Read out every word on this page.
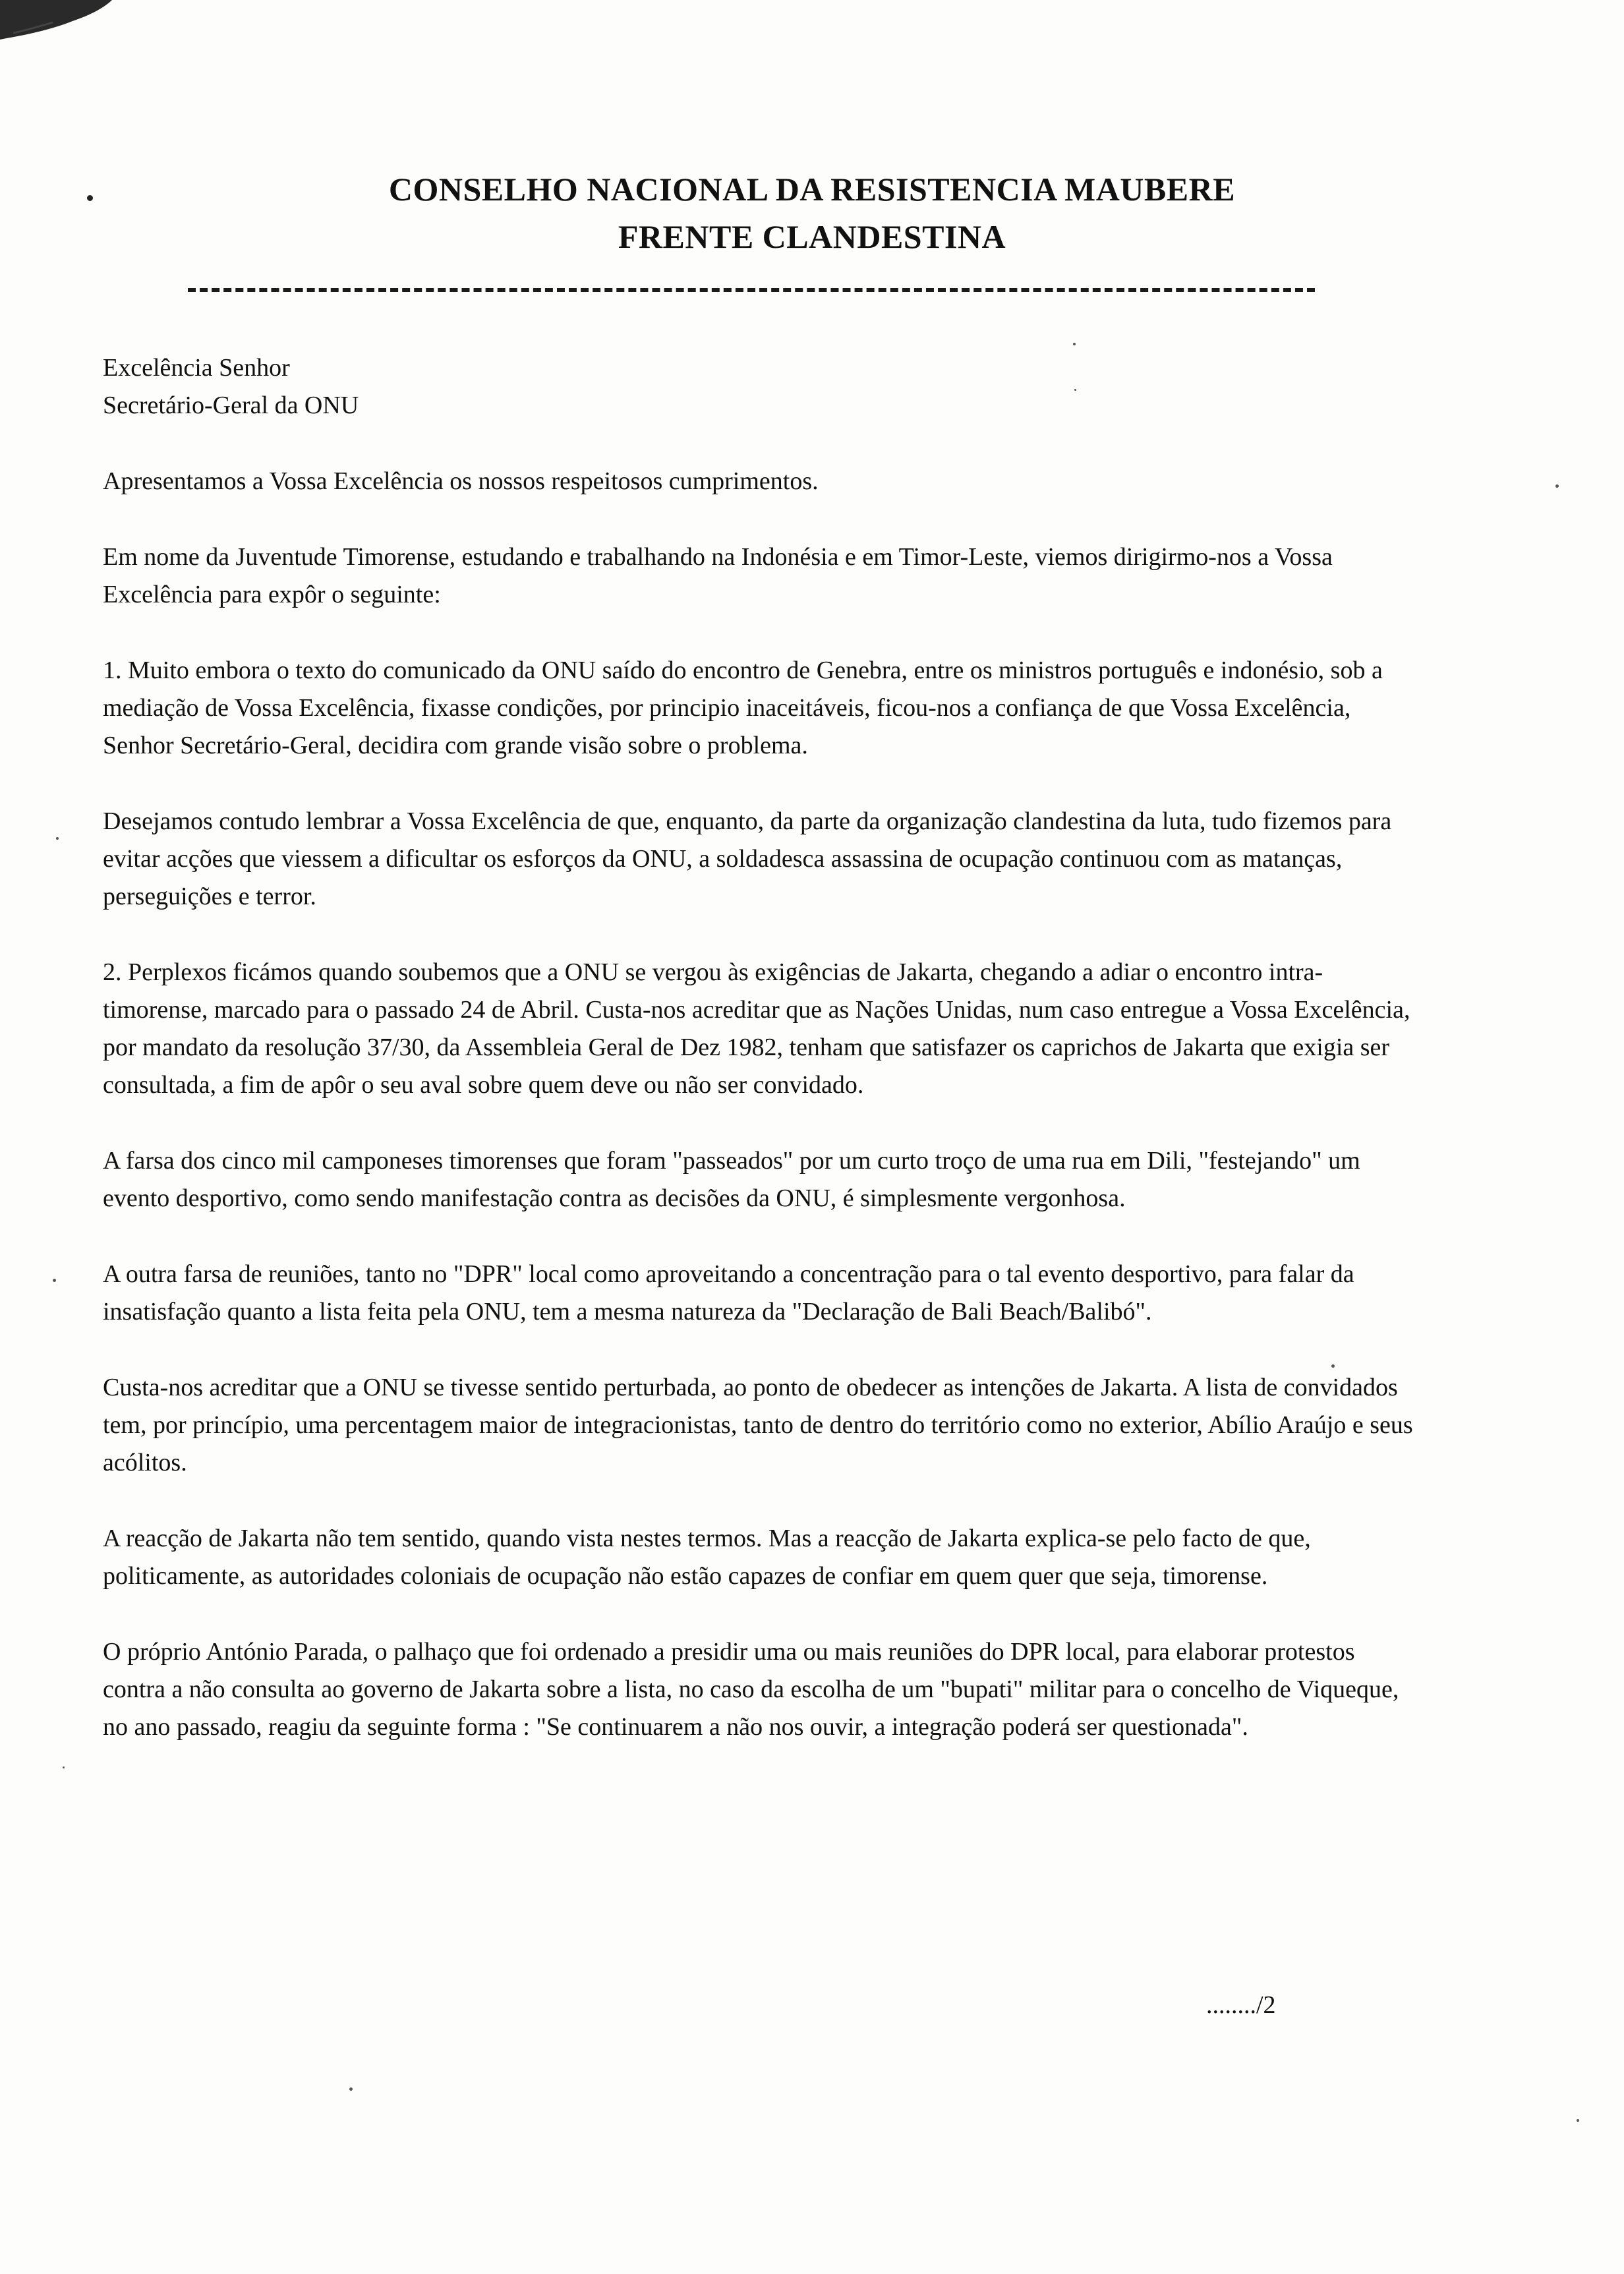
CONSELHO NACIONAL DA RESISTENCIA MAUBERE
FRENTE CLANDESTINA

Excelência Senhor
Secretário-Geral da ONU

Apresentamos a Vossa Excelência os nossos respeitosos cumprimentos.

Em nome da Juventude Timorense, estudando e trabalhando na Indonésia e em Timor-Leste, viemos dirigirmo-nos a Vossa Excelência para expôr o seguinte:

1. Muito embora o texto do comunicado da ONU saído do encontro de Genebra, entre os ministros português e indonésio, sob a mediação de Vossa Excelência, fixasse condições, por principio inaceitáveis, ficou-nos a confiança de que Vossa Excelência, Senhor Secretário-Geral, decidira com grande visão sobre o problema.

Desejamos contudo lembrar a Vossa Excelência de que, enquanto, da parte da organização clandestina da luta, tudo fizemos para evitar acções que viessem a dificultar os esforços da ONU, a soldadesca assassina de ocupação continuou com as matanças, perseguições e terror.

2. Perplexos ficámos quando soubemos que a ONU se vergou às exigências de Jakarta, chegando a adiar o encontro intra-timorense, marcado para o passado 24 de Abril. Custa-nos acreditar que as Nações Unidas, num caso entregue a Vossa Excelência, por mandato da resolução 37/30, da Assembleia Geral de Dez 1982, tenham que satisfazer os caprichos de Jakarta que exigia ser consultada, a fim de apôr o seu aval sobre quem deve ou não ser convidado.

A farsa dos cinco mil camponeses timorenses que foram "passeados" por um curto troço de uma rua em Dili, "festejando" um evento desportivo, como sendo manifestação contra as decisões da ONU, é simplesmente vergonhosa.

A outra farsa de reuniões, tanto no "DPR" local como aproveitando a concentração para o tal evento desportivo, para falar da insatisfação quanto a lista feita pela ONU, tem a mesma natureza da "Declaração de Bali Beach/Balibó".

Custa-nos acreditar que a ONU se tivesse sentido perturbada, ao ponto de obedecer as intenções de Jakarta. A lista de convidados tem, por princípio, uma percentagem maior de integracionistas, tanto de dentro do território como no exterior, Abílio Araújo e seus acólitos.

A reacção de Jakarta não tem sentido, quando vista nestes termos. Mas a reacção de Jakarta explica-se pelo facto de que, politicamente, as autoridades coloniais de ocupação não estão capazes de confiar em quem quer que seja, timorense.

O próprio António Parada, o palhaço que foi ordenado a presidir uma ou mais reuniões do DPR local, para elaborar protestos contra a não consulta ao governo de Jakarta sobre a lista, no caso da escolha de um "bupati" militar para o concelho de Viqueque, no ano passado, reagiu da seguinte forma : "Se continuarem a não nos ouvir, a integração poderá ser questionada".

......../2
